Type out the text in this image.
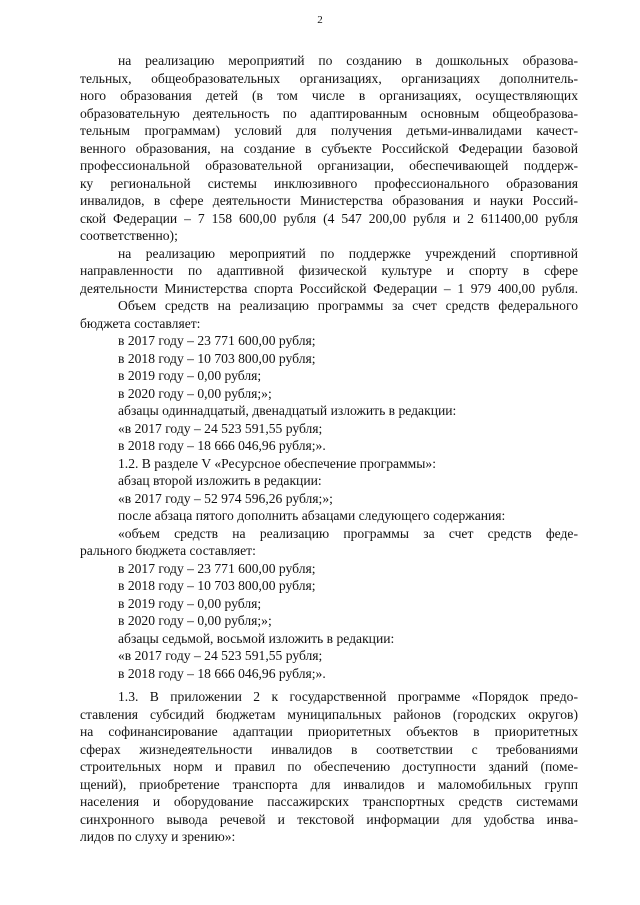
2
на  реализацию  мероприятий  по  созданию  в  дошкольных  образова-
тельных,  общеобразовательных  организациях,  организациях  дополнитель-
ного  образования  детей  (в  том  числе  в  организациях,  осуществляющих
образовательную деятельность по адаптированным основным общеобразова-
тельным  программам)  условий  для  получения  детьми-инвалидами  качест-
венного образования, на создание в субъекте Российской Федерации базовой
профессиональной образовательной организации, обеспечивающей поддерж-
ку  региональной  системы  инклюзивного  профессионального  образования
инвалидов, в сфере деятельности Министерства образования и науки Россий-
ской Федерации – 7 158 600,00 рубля (4 547 200,00 рубля и 2 611400,00 рубля
соответственно);
на  реализацию  мероприятий  по  поддержке  учреждений  спортивной
направленности  по  адаптивной  физической  культуре  и  спорту  в  сфере
деятельности Министерства спорта Российской Федерации – 1 979 400,00 рубля.
Объем средств на реализацию программы за счет средств федерального
бюджета составляет:
в 2017 году – 23 771 600,00 рубля;
в 2018 году – 10 703 800,00 рубля;
в 2019 году – 0,00 рубля;
в 2020 году – 0,00 рубля;»;
абзацы одиннадцатый, двенадцатый изложить в редакции:
«в 2017 году – 24 523 591,55 рубля;
в 2018 году – 18 666 046,96 рубля;».
1.2. В разделе V «Ресурсное обеспечение программы»:
абзац второй изложить в редакции:
«в 2017 году – 52 974 596,26 рубля;»;
после абзаца пятого дополнить абзацами следующего содержания:
«объем  средств  на  реализацию  программы  за  счет  средств  феде-
рального бюджета составляет:
в 2017 году – 23 771 600,00 рубля;
в 2018 году – 10 703 800,00 рубля;
в 2019 году – 0,00 рубля;
в 2020 году – 0,00 рубля;»;
абзацы седьмой, восьмой изложить в редакции:
«в 2017 году – 24 523 591,55 рубля;
в 2018 году – 18 666 046,96 рубля;».
1.3.  В  приложении  2  к  государственной  программе  «Порядок  предо-
ставления субсидий бюджетам муниципальных районов (городских округов)
на  софинансирование  адаптации  приоритетных  объектов  в  приоритетных
сферах  жизнедеятельности  инвалидов  в  соответствии  с  требованиями
строительных  норм  и  правил  по  обеспечению  доступности  зданий  (поме-
щений),  приобретение  транспорта  для  инвалидов  и  маломобильных  групп
населения  и  оборудование  пассажирских  транспортных  средств  системами
синхронного  вывода  речевой  и  текстовой  информации  для  удобства  инва-
лидов по слуху и зрению»:
